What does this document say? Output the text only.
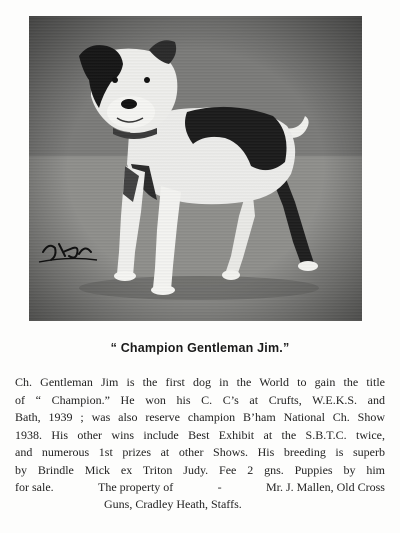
“ Champion Gentleman Jim.”
Ch. Gentleman Jim is the first dog in the World to gain the title
of “ Champion.” He won his C. C’s at Crufts, W.E.K.S. and
Bath, 1939 ; was also reserve champion B’ham National Ch. Show
1938. His other wins include Best Exhibit at the S.B.T.C. twice,
and numerous 1st prizes at other Shows. His breeding is superb
by Brindle Mick ex Triton Judy. Fee 2 gns. Puppies by him
for sale.	The property of	-	Mr. J. Mallen, Old Cross
Guns, Cradley Heath, Staffs.
